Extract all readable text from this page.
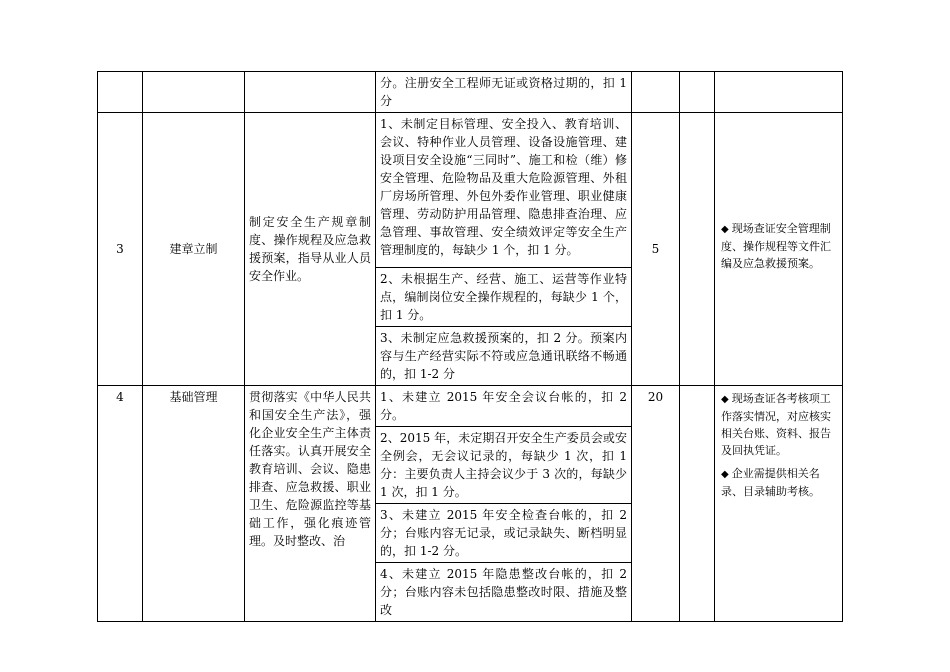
			分。注册安全工程师无证或资格过期的，扣 1 分			
3	建章立制	制定安全生产规章制度、操作规程及应急救援预案，指导从业人员安全作业。	1、未制定目标管理、安全投入、教育培训、会议、特种作业人员管理、设备设施管理、建设项目安全设施“三同时”、施工和检（维）修安全管理、危险物品及重大危险源管理、外租厂房场所管理、外包外委作业管理、职业健康管理、劳动防护用品管理、隐患排查治理、应急管理、事故管理、安全绩效评定等安全生产管理制度的，每缺少 1 个，扣 1 分。	5		◆ 现场查证安全管理制度、操作规程等文件汇编及应急救援预案。

			2、未根据生产、经营、施工、运营等作业特点，编制岗位安全操作规程的，每缺少 1 个，扣 1 分。			
			3、未制定应急救援预案的，扣 2 分。预案内容与生产经营实际不符或应急通讯联络不畅通的，扣 1-2 分			
4	基础管理	贯彻落实《中华人民共和国安全生产法》，强化企业安全生产主体责任落实。认真开展安全教育培训、会议、隐患排查、应急救援、职业卫生、危险源监控等基础工作，强化痕迹管理。及时整改、治	1、未建立 2015 年安全会议台帐的，扣 2 分。	20		◆ 现场查证各考核项工作落实情况，对应核实相关台账、资料、报告及回执凭证。
◆ 企业需提供相关名录、目录辅助考核。

			2、2015 年，未定期召开安全生产委员会或安全例会，无会议记录的，每缺少 1 次，扣 1 分：主要负责人主持会议少于 3 次的，每缺少 1 次，扣 1 分。			
			3、未建立 2015 年安全检查台帐的，扣 2 分；台账内容无记录，或记录缺失、断档明显的，扣 1-2 分。			
			4、未建立 2015 年隐患整改台帐的，扣 2 分；台账内容未包括隐患整改时限、措施及整改			
